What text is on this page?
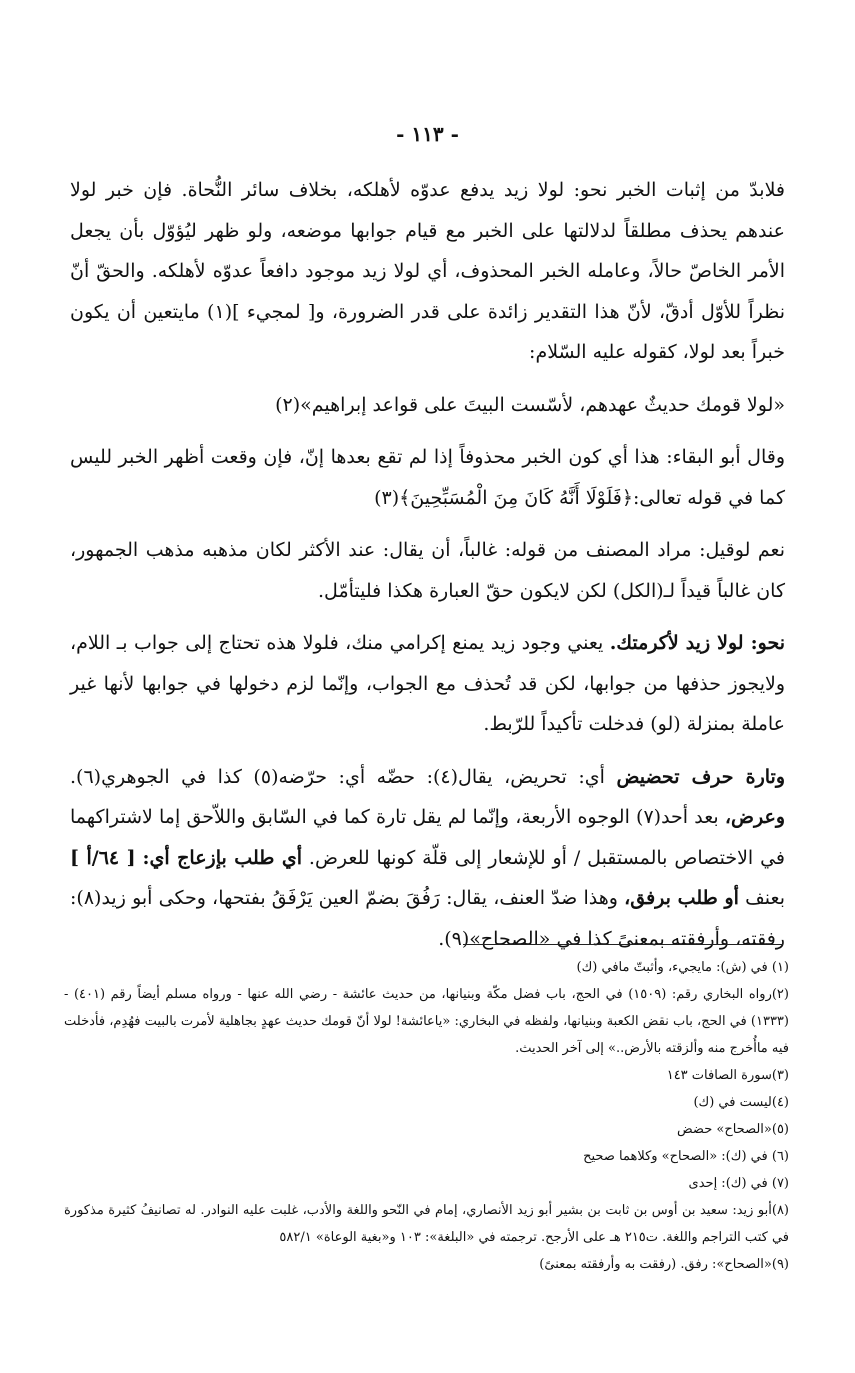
- ١١٣ -

فلابدّ من إثبات الخبر نحو: لولا زيد يدفع عدوّه لأهلكه، بخلاف سائر النُّحاة. فإن خبر لولا عندهم يحذف مطلقاً لدلالتها على الخبر مع قيام جوابها موضعه، ولو ظهر ليُؤوّل بأن يجعل الأمر الخاصّ حالاً، وعامله الخبر المحذوف، أي لولا زيد موجود دافعاً عدوّه لأهلكه. والحقّ أنّ نظراً للأوّل أدقّ، لأنّ هذا التقدير زائدة على قدر الضرورة، و[ لمجيء ](١) مايتعين أن يكون خبراً بعد لولا، كقوله عليه السّلام:

«لولا قومك حديثٌ عهدهم، لأسّست البيتَ على قواعد إبراهيم»(٢)

وقال أبو البقاء: هذا أي كون الخبر محذوفاً إذا لم تقع بعدها إنّ، فإن وقعت أظهر الخبر لليس كما في قوله تعالى:﴿فَلَوْلَا أَنَّهُ كَانَ مِنَ الْمُسَبِّحِينَ﴾(٣)

نعم لوقيل: مراد المصنف من قوله: غالباً، أن يقال: عند الأكثر لكان مذهبه مذهب الجمهور، كان غالباً قيداً لـ(الكل) لكن لايكون حقّ العبارة هكذا فليتأمّل.

نحو: لولا زيد لأكرمتك. يعني وجود زيد يمنع إكرامي منك، فلولا هذه تحتاج إلى جواب بـ اللام، ولايجوز حذفها من جوابها، لكن قد تُحذف مع الجواب، وإنّما لزم دخولها في جوابها لأنها غير عاملة بمنزلة (لو) فدخلت تأكيداً للرّبط.

وتارة حرف تحضيض أي: تحريض، يقال(٤): حضّه أي: حرّضه(٥) كذا في الجوهري(٦). وعرض، بعد أحد(٧) الوجوه الأربعة، وإنّما لم يقل تارة كما في السّابق واللاّحق إما لاشتراكهما في الاختصاص بالمستقبل / أو للإشعار إلى قلّة كونها للعرض. أي طلب بإزعاج أي: [ ٦٤/أ ] بعنف أو طلب برفق، وهذا ضدّ العنف، يقال: رَفُقَ بضمّ العين يَرْفَقُ بفتحها، وحكى أبو زيد(٨): رفقته، وأرفقته بمعنىً كذا في «الصحاح»(٩).

(١) في (ش): مايجيء، وأثبتّ مافي (ك)

(٢)رواه البخاري رقم: (١٥٠٩) في الحج، باب فضل مكّة وبنيانها، من حديث عائشة - رضي الله عنها - ورواه مسلم أيضاً رقم (٤٠١) - (١٣٣٣) في الحج، باب نقض الكعبة وبنيانها، ولفظه في البخاري: «ياعائشة! لولا أنّ قومك حديث عهدٍ بجاهلية لأمرت بالبيت فهُدِم، فأدخلت فيه ماأُخرج منه وألزقته بالأرض..» إلى آخر الحديث.

(٣)سورة الصافات ١٤٣

(٤)ليست في (ك)

(٥)«الصحاح» حضض

(٦) في (ك): «الصحاح» وكلاهما صحيح

(٧) في (ك): إحدى

(٨)أبو زيد: سعيد بن أوس بن ثابت بن بشير أبو زيد الأنصاري، إمام في النّحو واللغة والأدب، غلبت عليه النوادر. له تصانيفُ كثيرة مذكورة في كتب التراجم واللغة. ت٢١٥ هـ على الأرجح. ترجمته في «البلغة»: ١٠٣ و«بغية الوعاة» ٥٨٢/١

(٩)«الصحاح»: رفق. (رفقت به وأرفقته بمعنىً)
